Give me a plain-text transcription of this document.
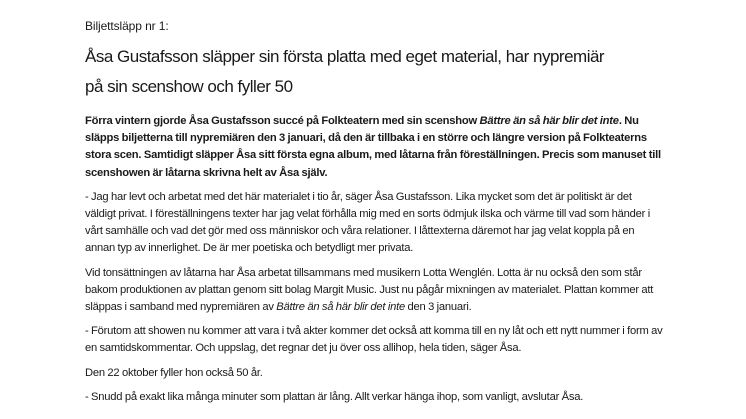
Biljettsläpp nr 1:

Åsa Gustafsson släpper sin första platta med eget material, har nypremiär
på sin scenshow och fyller 50

Förra vintern gjorde Åsa Gustafsson succé på Folkteatern med sin scenshow Bättre än så här blir det inte. Nu släpps biljetterna till nypremiären den 3 januari, då den är tillbaka i en större och längre version på Folkteaterns stora scen. Samtidigt släpper Åsa sitt första egna album, med låtarna från föreställningen. Precis som manuset till scenshowen är låtarna skrivna helt av Åsa själv.

- Jag har levt och arbetat med det här materialet i tio år, säger Åsa Gustafsson. Lika mycket som det är politiskt är det väldigt privat. I föreställningens texter har jag velat förhålla mig med en sorts ödmjuk ilska och värme till vad som händer i vårt samhälle och vad det gör med oss människor och våra relationer. I låttexterna däremot har jag velat koppla på en annan typ av innerlighet. De är mer poetiska och betydligt mer privata.

Vid tonsättningen av låtarna har Åsa arbetat tillsammans med musikern Lotta Wenglén. Lotta är nu också den som står bakom produktionen av plattan genom sitt bolag Margit Music. Just nu pågår mixningen av materialet. Plattan kommer att släppas i samband med nypremiären av Bättre än så här blir det inte den 3 januari.

- Förutom att showen nu kommer att vara i två akter kommer det också att komma till en ny låt och ett nytt nummer i form av en samtidskommentar. Och uppslag, det regnar det ju över oss allihop, hela tiden, säger Åsa.

Den 22 oktober fyller hon också 50 år.

- Snudd på exakt lika många minuter som plattan är lång. Allt verkar hänga ihop, som vanligt, avslutar Åsa.
